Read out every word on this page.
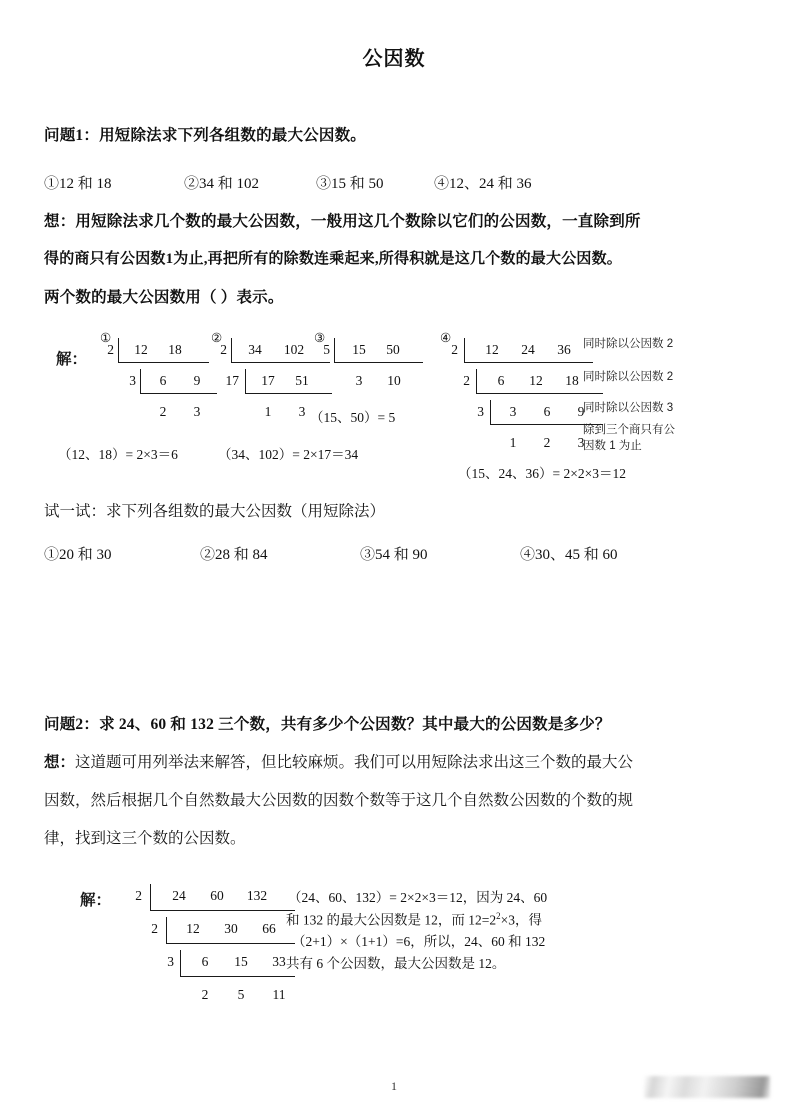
公因数
问题1：用短除法求下列各组数的最大公因数。
①12 和 18	②34 和 102	③15 和 50	④12、24 和 36
想：用短除法求几个数的最大公因数，一般用这几个数除以它们的公因数，一直除到所
得的商只有公因数1为止,再把所有的除数连乘起来,所得积就是这几个数的最大公因数。
两个数的最大公因数用（ ）表示。
解：
①
2	12 18
3	6 9
2 3
（12、18）= 2×3＝6
②
2	34 102
17	17 51
1 3
（34、102）= 2×17＝34
③
5	15 50
3 10
（15、50）= 5
④
2	12 24 36
2	6 12 18
3	3 6 9
1 2 3
（15、24、36）= 2×2×3＝12
同时除以公因数 2
同时除以公因数 2
同时除以公因数 3
除到三个商只有公
因数 1 为止
试一试：求下列各组数的最大公因数（用短除法）
①20 和 30	②28 和 84	③54 和 90	④30、45 和 60
问题2：求 24、60 和 132 三个数，共有多少个公因数？其中最大的公因数是多少？
想：这道题可用列举法来解答，但比较麻烦。我们可以用短除法求出这三个数的最大公
因数，然后根据几个自然数最大公因数的因数个数等于这几个自然数公因数的个数的规
律，找到这三个数的公因数。
解：	2	24 60 132
2	12 30 66
3	6 15 33
2 5 11
（24、60、132）= 2×2×3＝12，因为 24、60
和 132 的最大公因数是 12，而 $12=2^2\times 3$，得
（2+1）×（1+1）=6，所以，24、60 和 132
共有 6 个公因数，最大公因数是 12。
1
